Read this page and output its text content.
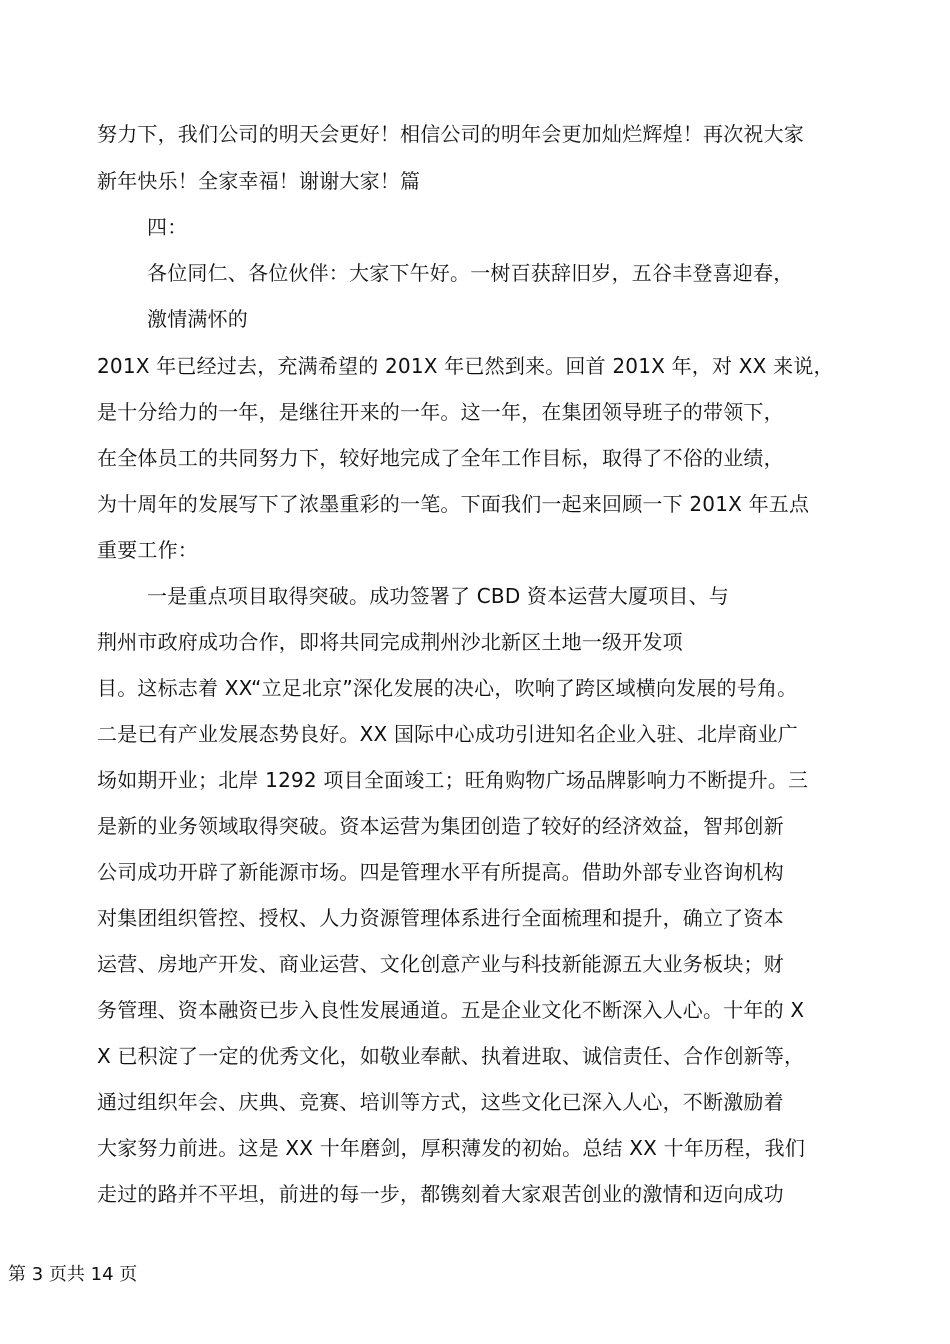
努力下，我们公司的明天会更好！相信公司的明年会更加灿烂辉煌！再次祝大家
新年快乐！全家幸福！谢谢大家！篇
四：
各位同仁、各位伙伴：大家下午好。一树百获辞旧岁，五谷丰登喜迎春，
激情满怀的
201X 年已经过去，充满希望的 201X 年已然到来。回首 201X 年，对 XX 来说，
是十分给力的一年，是继往开来的一年。这一年，在集团领导班子的带领下，
在全体员工的共同努力下，较好地完成了全年工作目标，取得了不俗的业绩，
为十周年的发展写下了浓墨重彩的一笔。下面我们一起来回顾一下 201X 年五点
重要工作：
一是重点项目取得突破。成功签署了 CBD 资本运营大厦项目、与
荆州市政府成功合作，即将共同完成荆州沙北新区土地一级开发项
目。这标志着 XX“立足北京”深化发展的决心，吹响了跨区域横向发展的号角。
二是已有产业发展态势良好。XX 国际中心成功引进知名企业入驻、北岸商业广
场如期开业；北岸 1292 项目全面竣工；旺角购物广场品牌影响力不断提升。三
是新的业务领域取得突破。资本运营为集团创造了较好的经济效益，智邦创新
公司成功开辟了新能源市场。四是管理水平有所提高。借助外部专业咨询机构
对集团组织管控、授权、人力资源管理体系进行全面梳理和提升，确立了资本
运营、房地产开发、商业运营、文化创意产业与科技新能源五大业务板块；财
务管理、资本融资已步入良性发展通道。五是企业文化不断深入人心。十年的 X
X 已积淀了一定的优秀文化，如敬业奉献、执着进取、诚信责任、合作创新等，
通过组织年会、庆典、竞赛、培训等方式，这些文化已深入人心，不断激励着
大家努力前进。这是 XX 十年磨剑，厚积薄发的初始。总结 XX 十年历程，我们
走过的路并不平坦，前进的每一步，都镌刻着大家艰苦创业的激情和迈向成功
第 3 页共 14 页
